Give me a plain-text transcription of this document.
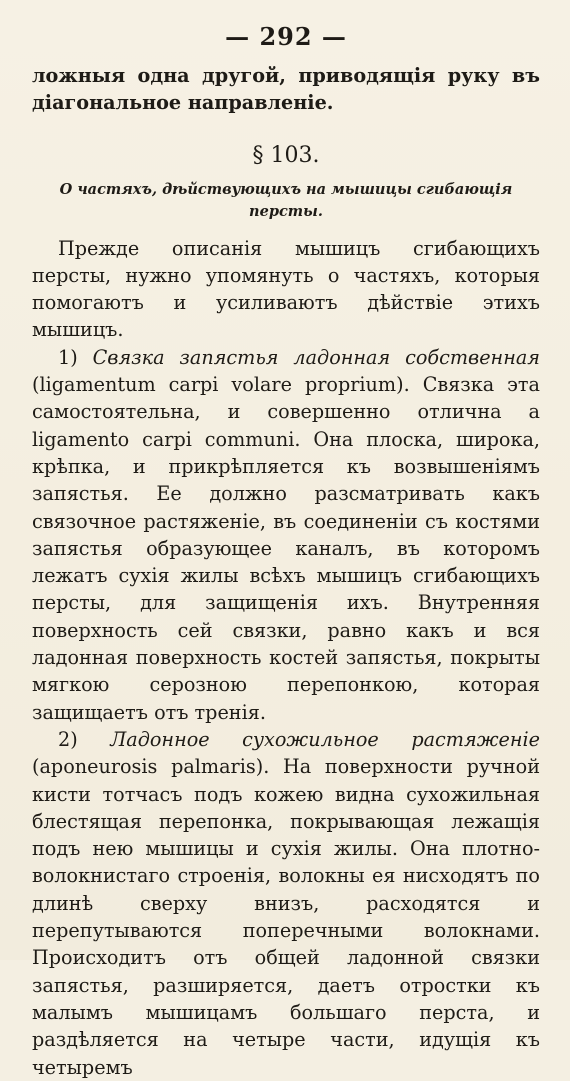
— 292 —

ложныя одна другой, приводящія руку въ діагональное направленіе.

§ 103.
О частяхъ, дѣйствующихъ на мышицы сгибающія персты.

Прежде описанія мышицъ сгибающихъ персты, нужно упомянуть о частяхъ, которыя помогаютъ и усиливаютъ дѣйствіе этихъ мышицъ.

1) Связка запястья ладонная собственная (ligamentum carpi volare proprium). Связка эта самостоятельна, и совершенно отлична а ligamento carpi communi. Она плоска, широка, крѣпка, и прикрѣпляется къ возвышеніямъ запястья. Ее должно разсматривать какъ связочное растяженіе, въ соединеніи съ костями запястья образующее каналъ, въ которомъ лежатъ сухія жилы всѣхъ мышицъ сгибающихъ персты, для защищенія ихъ. Внутренняя поверхность сей связки, равно какъ и вся ладонная поверхность костей запястья, покрыты мягкою серозною перепонкою, которая защищаетъ отъ тренія.

2) Ладонное сухожильное растяженіе (aponeurosis palmaris). На поверхности ручной кисти тотчасъ подъ кожею видна сухожильная блестящая перепонка, покрывающая лежащія подъ нею мышицы и сухія жилы. Она плотно-волокнистаго строенія, волокны ея нисходятъ по длинѣ сверху внизъ, расходятся и перепутываются поперечными волокнами. Происходитъ отъ общей ладонной связки запястья, разширяется, даетъ отростки къ малымъ мышицамъ большаго перста, и раздѣляется на четыре части, идущія къ четыремъ
